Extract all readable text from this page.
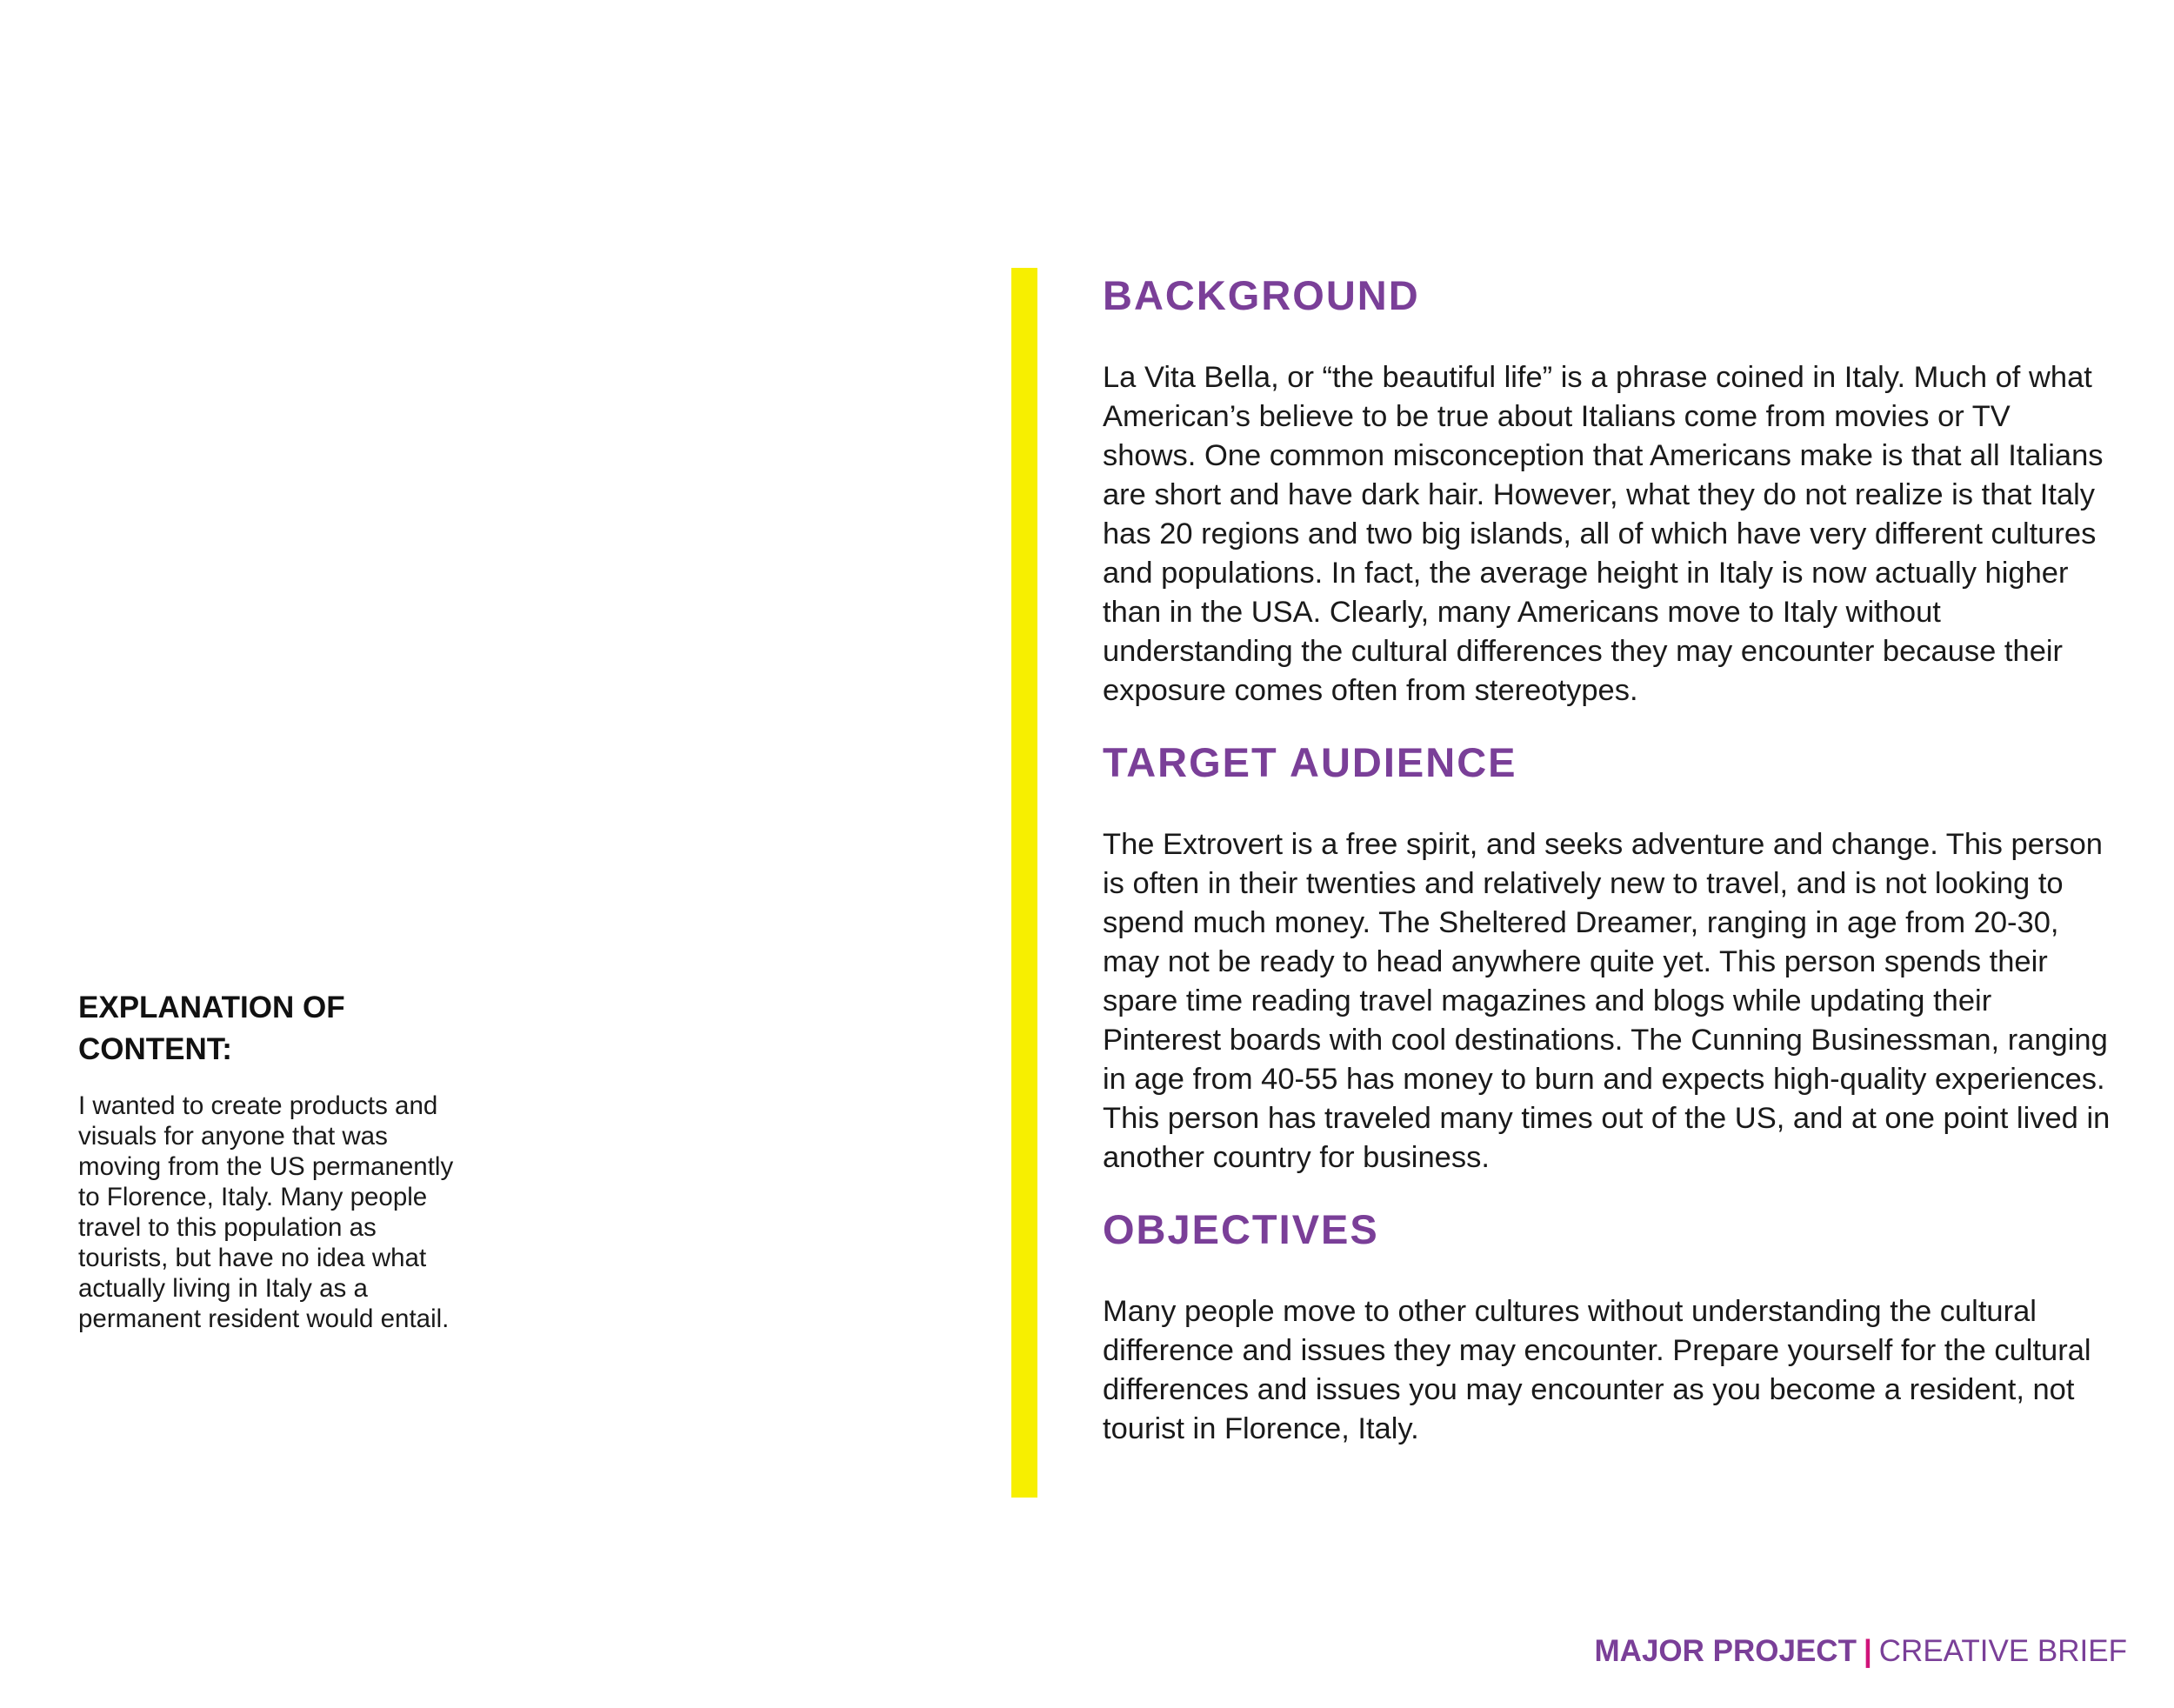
EXPLANATION OF CONTENT:

I wanted to create products and visuals for anyone that was moving from the US permanently to Florence, Italy. Many people travel to this population as tourists, but have no idea what actually living in Italy as a permanent resident would entail.

BACKGROUND

La Vita Bella, or “the beautiful life” is a phrase coined in Italy. Much of what American’s believe to be true about Italians come from movies or TV shows. One common misconception that Americans make is that all Italians are short and have dark hair. However, what they do not realize is that Italy has 20 regions and two big islands, all of which have very different cultures and populations. In fact, the average height in Italy is now actually higher than in the USA. Clearly, many Americans move to Italy without understanding the cultural differences they may encounter because their exposure comes often from stereotypes.

TARGET AUDIENCE

The Extrovert is a free spirit, and seeks adventure and change. This person is often in their twenties and relatively new to travel, and is not looking to spend much money. The Sheltered Dreamer, ranging in age from 20-30, may not be ready to head anywhere quite yet. This person spends their spare time reading travel magazines and blogs while updating their Pinterest boards with cool destinations. The Cunning Businessman, ranging in age from 40-55 has money to burn and expects high-quality experiences. This person has traveled many times out of the US, and at one point lived in another country for business.

OBJECTIVES

Many people move to other cultures without understanding the cultural difference and issues they may encounter. Prepare yourself for the cultural differences and issues you may encounter as you become a resident, not tourist in Florence, Italy.

MAJOR PROJECT | CREATIVE BRIEF
